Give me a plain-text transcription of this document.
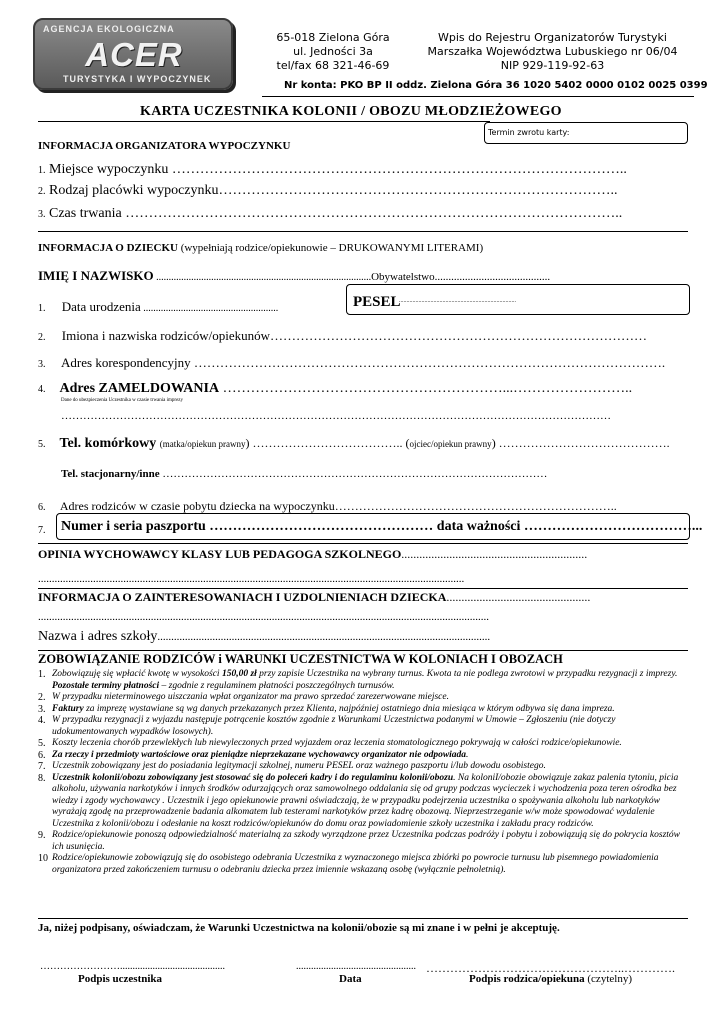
AGENCJA EKOLOGICZNA
ACER
TURYSTYKA I WYPOCZYNEK
65-018 Zielona Góra
ul. Jedności 3a
tel/fax 68 321-46-69
Wpis do Rejestru Organizatorów Turystyki
Marszałka Województwa Lubuskiego nr 06/04
NIP 929-119-92-63
Nr konta: PKO BP II oddz. Zielona Góra 36 1020 5402 0000 0102 0025 0399
KARTA UCZESTNIKA KOLONII / OBOZU MŁODZIEŻOWEGO
Termin zwrotu karty:
INFORMACJA ORGANIZATORA WYPOCZYNKU
1. Miejsce wypoczynku ……………………………………………………………………………………..
2. Rodzaj placówki wypoczynku…………………………………………………………………………..
3. Czas trwania ……………………………………………………………………………………………..
INFORMACJA O DZIECKU (wypełniają rodzice/opiekunowie – DRUKOWANYMI LITERAMI)
IMIĘ I NAZWISKO ......................................................................................Obywatelstwo..........................................
1. Data urodzenia ......................................................	PESEL
..............................................................................
2. Imiona i nazwiska rodziców/opiekunów……………………………………………………………………………
3. Adres korespondencyjny ……………………………………………………………………………………………….
4. Adres ZAMELDOWANIA ……………………………………………………...……………………..
Dane do ubezpieczenia Uczestnika w czasie trwania imprezy
……………………………………………………………………………………………………………………………………
5. Tel. komórkowy (matka/opiekun prawny) ……………………………….. (ojciec/opiekun prawny) …………………………………….
Tel. stacjonarny/inne ……………………………………………………………………………………………
6. Adres rodziców w czasie pobytu dziecka na wypoczynku……………………………………………………………..
Numer i seria paszportu ………………………………………… data ważności ………………………………...
7.
OPINIA WYCHOWAWCY KLASY LUB PEDAGOGA SZKOLNEGO..............................................................
...........................................................................................................................................................
INFORMACJA O ZAINTERESOWANIACH I UZDOLNIENIACH DZIECKA................................................
....................................................................................................................................................................
Nazwa i adres szkoły.........................................................................................................................
ZOBOWIĄZANIE RODZICÓW i WARUNKI UCZESTNICTWA W KOLONIACH I OBOZACH
1. Zobowiązuję się wpłacić kwotę w wysokości 150,00 zł przy zapisie Uczestnika na wybrany turnus. Kwota ta nie podlega zwrotowi w przypadku rezygnacji z imprezy. Pozostałe terminy płatności – zgodnie z regulaminem płatności poszczególnych turnusów.
2. W przypadku nieterminowego uiszczania wpłat organizator ma prawo sprzedać zarezerwowane miejsce.
3. Faktury za imprezę wystawiane są wg danych przekazanych przez Klienta, najpóźniej ostatniego dnia miesiąca w którym odbywa się dana impreza.
4. W przypadku rezygnacji z wyjazdu następuje potrącenie kosztów zgodnie z Warunkami Uczestnictwa podanymi w Umowie – Zgłoszeniu (nie dotyczy udokumentowanych wypadków losowych).
5. Koszty leczenia chorób przewlekłych lub niewyleczonych przed wyjazdem oraz leczenia stomatologicznego pokrywają w całości rodzice/opiekunowie.
6. Za rzeczy i przedmioty wartościowe oraz pieniądze nieprzekazane wychowawcy organizator nie odpowiada.
7. Uczestnik zobowiązany jest do posiadania legitymacji szkolnej, numeru PESEL oraz ważnego paszportu i/lub dowodu osobistego.
8. Uczestnik kolonii/obozu zobowiązany jest stosować się do poleceń kadry i do regulaminu kolonii/obozu. Na koloniI/obozie obowiązuje zakaz palenia tytoniu, picia alkoholu, używania narkotyków i innych środków odurzających oraz samowolnego oddalania się od grupy podczas wycieczek i wychodzenia poza teren ośrodka bez wiedzy i zgody wychowawcy . Uczestnik i jego opiekunowie prawni oświadczają, że w przypadku podejrzenia uczestnika o spożywania alkoholu lub narkotyków wyrażają zgodę na przeprowadzenie badania alkomatem lub testerami narkotyków przez kadrę obozową. Nieprzestrzeganie w/w może spowodować wydalenie Uczestnika z kolonii/obozu i odesłanie na koszt rodziców/opiekunów do domu oraz powiadomienie szkoły uczestnika i zakładu pracy rodziców.
9. Rodzice/opiekunowie ponoszą odpowiedzialność materialną za szkody wyrządzone przez Uczestnika podczas podróży i pobytu i zobowiązują się do pokrycia kosztów ich usunięcia.
10 Rodzice/opiekunowie zobowiązują się do osobistego odebrania Uczestnika z wyznaczonego miejsca zbiórki po powrocie turnusu lub pisemnego powiadomienia organizatora przed zakończeniem turnusu o odebraniu dziecka przez imiennie wskazaną osobę (wyłącznie pełnoletnią).
Ja, niżej podpisany, oświadczam, że Warunki Uczestnictwa na kolonii/obozie są mi znane i w pełni je akceptuję.
……………………..........................................
Podpis uczestnika
................................................
Data
…………………………………………..………….
Podpis rodzica/opiekuna (czytelny)
